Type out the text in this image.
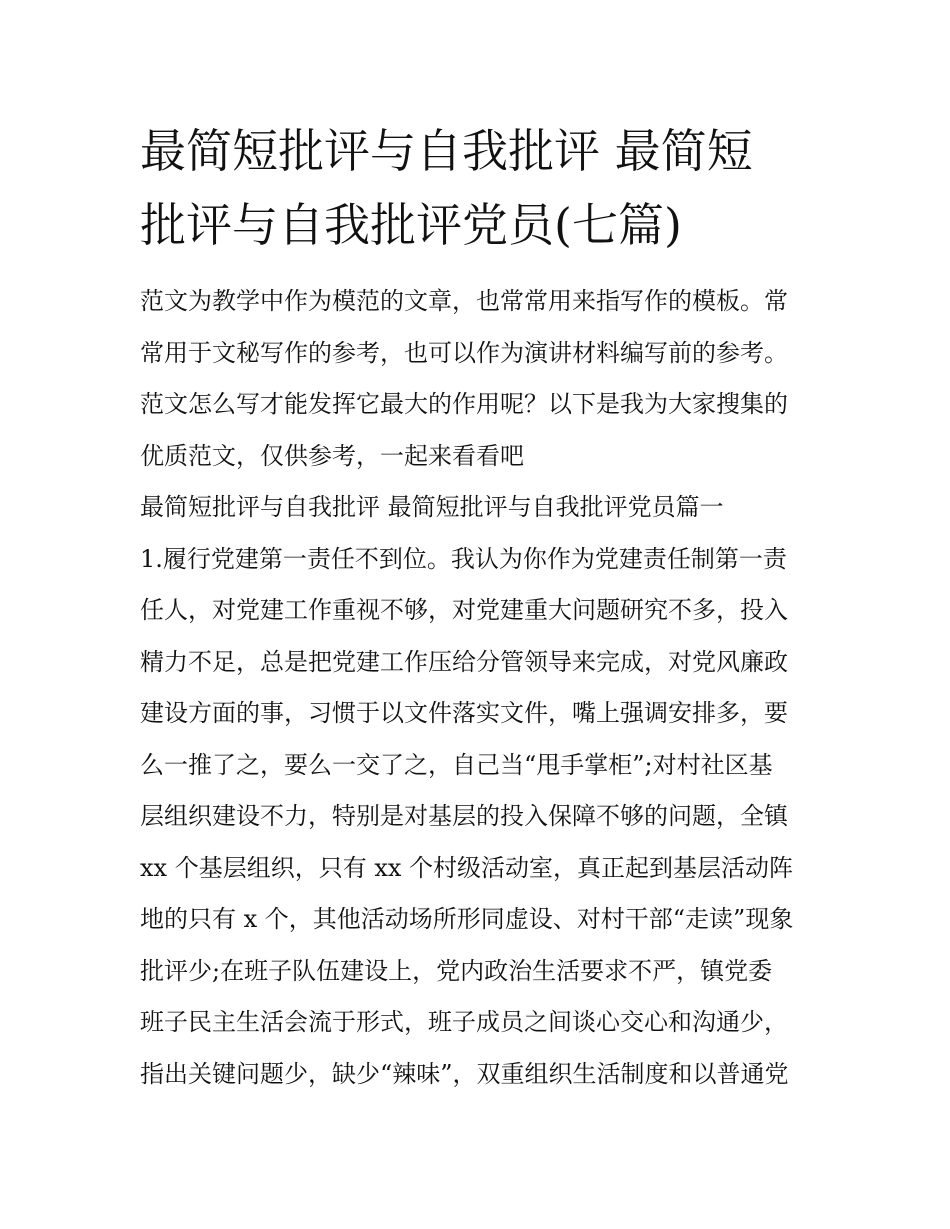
最简短批评与自我批评 最简短
批评与自我批评党员(七篇)
范文为教学中作为模范的文章，也常常用来指写作的模板。常
常用于文秘写作的参考，也可以作为演讲材料编写前的参考。
范文怎么写才能发挥它最大的作用呢？以下是我为大家搜集的
优质范文，仅供参考，一起来看看吧
最简短批评与自我批评 最简短批评与自我批评党员篇一
1.履行党建第一责任不到位。我认为你作为党建责任制第一责
任人，对党建工作重视不够，对党建重大问题研究不多，投入
精力不足，总是把党建工作压给分管领导来完成，对党风廉政
建设方面的事，习惯于以文件落实文件，嘴上强调安排多，要
么一推了之，要么一交了之，自己当“甩手掌柜”;对村社区基
层组织建设不力，特别是对基层的投入保障不够的问题，全镇
xx 个基层组织，只有 xx 个村级活动室，真正起到基层活动阵
地的只有 x 个，其他活动场所形同虚设、对村干部“走读”现象
批评少;在班子队伍建设上，党内政治生活要求不严，镇党委
班子民主生活会流于形式，班子成员之间谈心交心和沟通少，
指出关键问题少，缺少“辣味”，双重组织生活制度和以普通党
